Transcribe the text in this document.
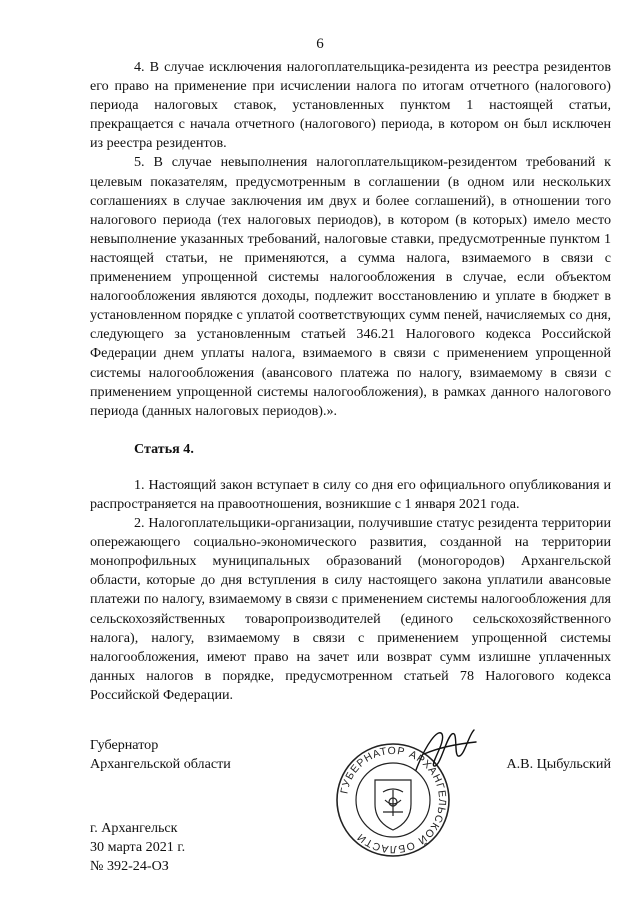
6

4. В случае исключения налогоплательщика-резидента из реестра резидентов его право на применение при исчислении налога по итогам отчетного (налогового) периода налоговых ставок, установленных пунктом 1 настоящей статьи, прекращается с начала отчетного (налогового) периода, в котором он был исключен из реестра резидентов.

5. В случае невыполнения налогоплательщиком-резидентом требований к целевым показателям, предусмотренным в соглашении (в одном или нескольких соглашениях в случае заключения им двух и более соглашений), в отношении того налогового периода (тех налоговых периодов), в котором (в которых) имело место невыполнение указанных требований, налоговые ставки, предусмотренные пунктом 1 настоящей статьи, не применяются, а сумма налога, взимаемого в связи с применением упрощенной системы налогообложения в случае, если объектом налогообложения являются доходы, подлежит восстановлению и уплате в бюджет в установленном порядке с уплатой соответствующих сумм пеней, начисляемых со дня, следующего за установленным статьей 346.21 Налогового кодекса Российской Федерации днем уплаты налога, взимаемого в связи с применением упрощенной системы налогообложения (авансового платежа по налогу, взимаемому в связи с применением упрощенной системы налогообложения), в рамках данного налогового периода (данных налоговых периодов).».

Статья 4.

1. Настоящий закон вступает в силу со дня его официального опубликования и распространяется на правоотношения, возникшие с 1 января 2021 года.

2. Налогоплательщики-организации, получившие статус резидента территории опережающего социально-экономического развития, созданной на территории монопрофильных муниципальных образований (моногородов) Архангельской области, которые до дня вступления в силу настоящего закона уплатили авансовые платежи по налогу, взимаемому в связи с применением системы налогообложения для сельскохозяйственных товаропроизводителей (единого сельскохозяйственного налога), налогу, взимаемому в связи с применением упрощенной системы налогообложения, имеют право на зачет или возврат сумм излишне уплаченных данных налогов в порядке, предусмотренном статьей 78 Налогового кодекса Российской Федерации.

Губернатор
Архангельской области	А.В. Цыбульский
ГУБЕРНАТОР АРХАНГЕЛЬСКОЙ ОБЛАСТИ
г. Архангельск
30 марта 2021 г.
№ 392-24-ОЗ
